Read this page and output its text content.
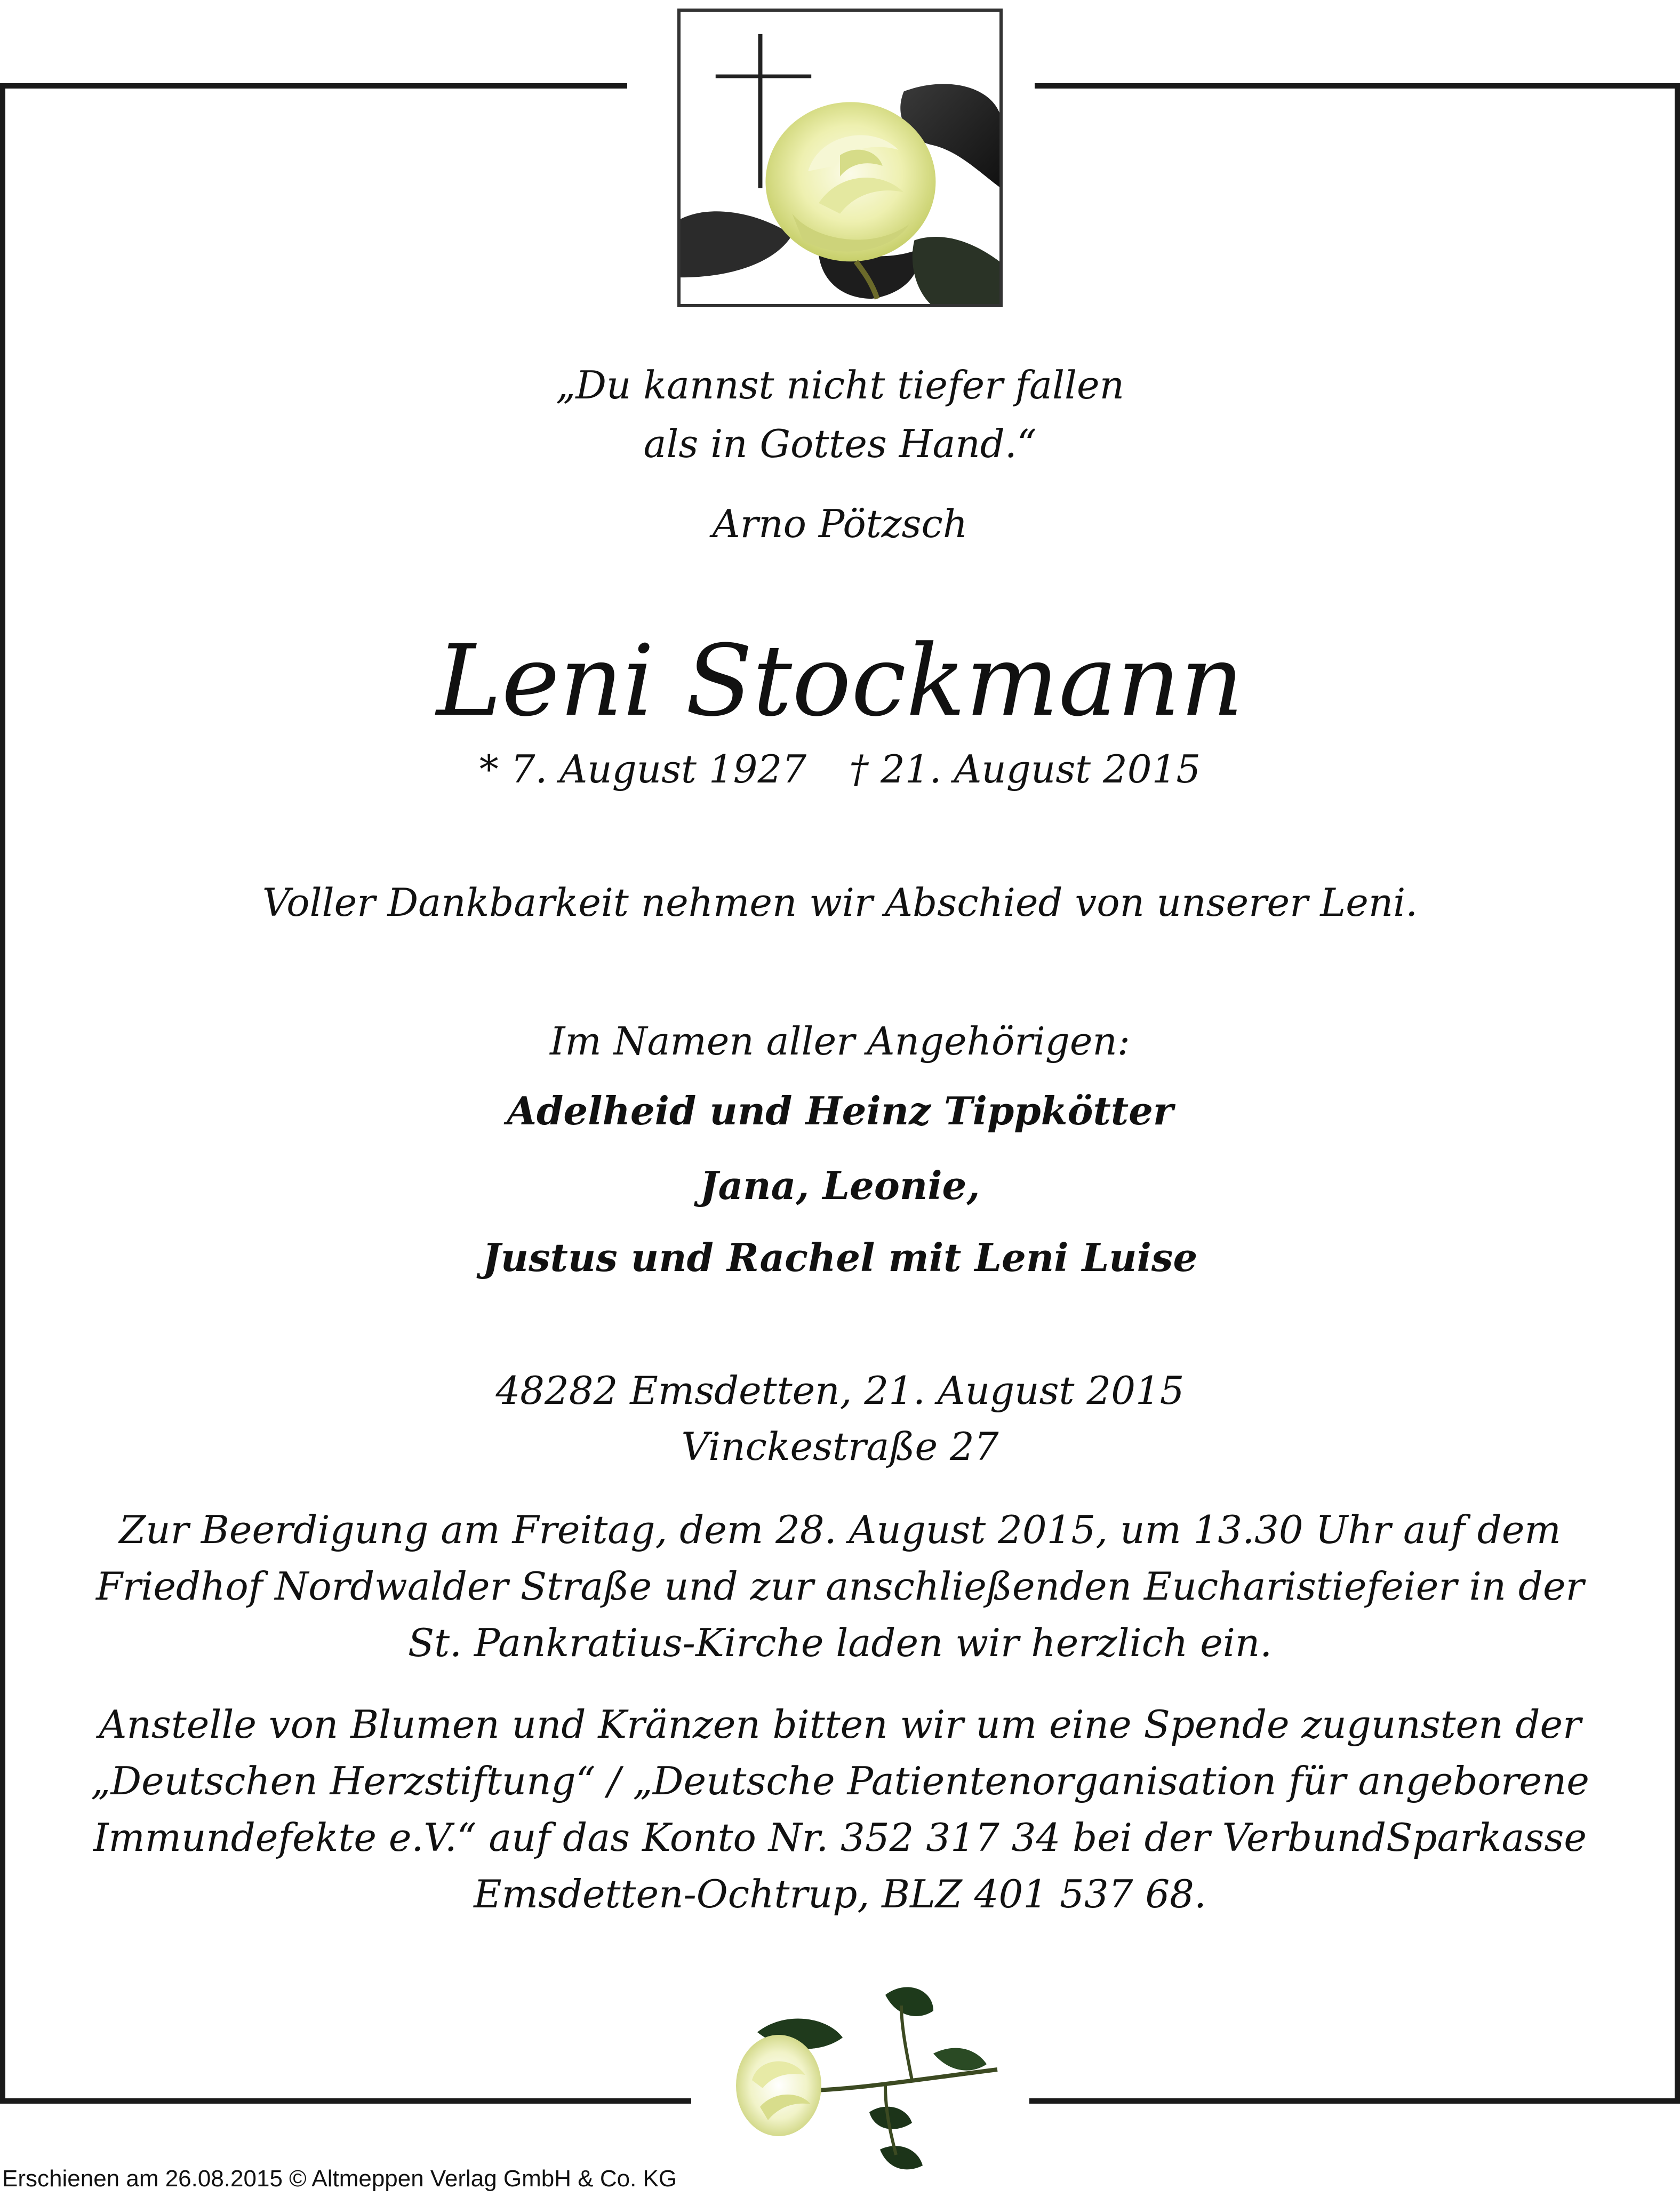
„Du kannst nicht tiefer fallen
als in Gottes Hand.“
Arno Pötzsch
Leni Stockmann
* 7. August 1927 † 21. August 2015
Voller Dankbarkeit nehmen wir Abschied von unserer Leni.
Im Namen aller Angehörigen:
Adelheid und Heinz Tippkötter
Jana, Leonie,
Justus und Rachel mit Leni Luise
48282 Emsdetten, 21. August 2015
Vinckestraße 27
Zur Beerdigung am Freitag, dem 28. August 2015, um 13.30 Uhr auf dem
Friedhof Nordwalder Straße und zur anschließenden Eucharistiefeier in der
St. Pankratius-Kirche laden wir herzlich ein.
Anstelle von Blumen und Kränzen bitten wir um eine Spende zugunsten der
„Deutschen Herzstiftung“ / „Deutsche Patientenorganisation für angeborene
Immundefekte e.V.“ auf das Konto Nr. 352 317 34 bei der VerbundSparkasse
Emsdetten-Ochtrup, BLZ 401 537 68.
Erschienen am 26.08.2015 © Altmeppen Verlag GmbH & Co. KG
